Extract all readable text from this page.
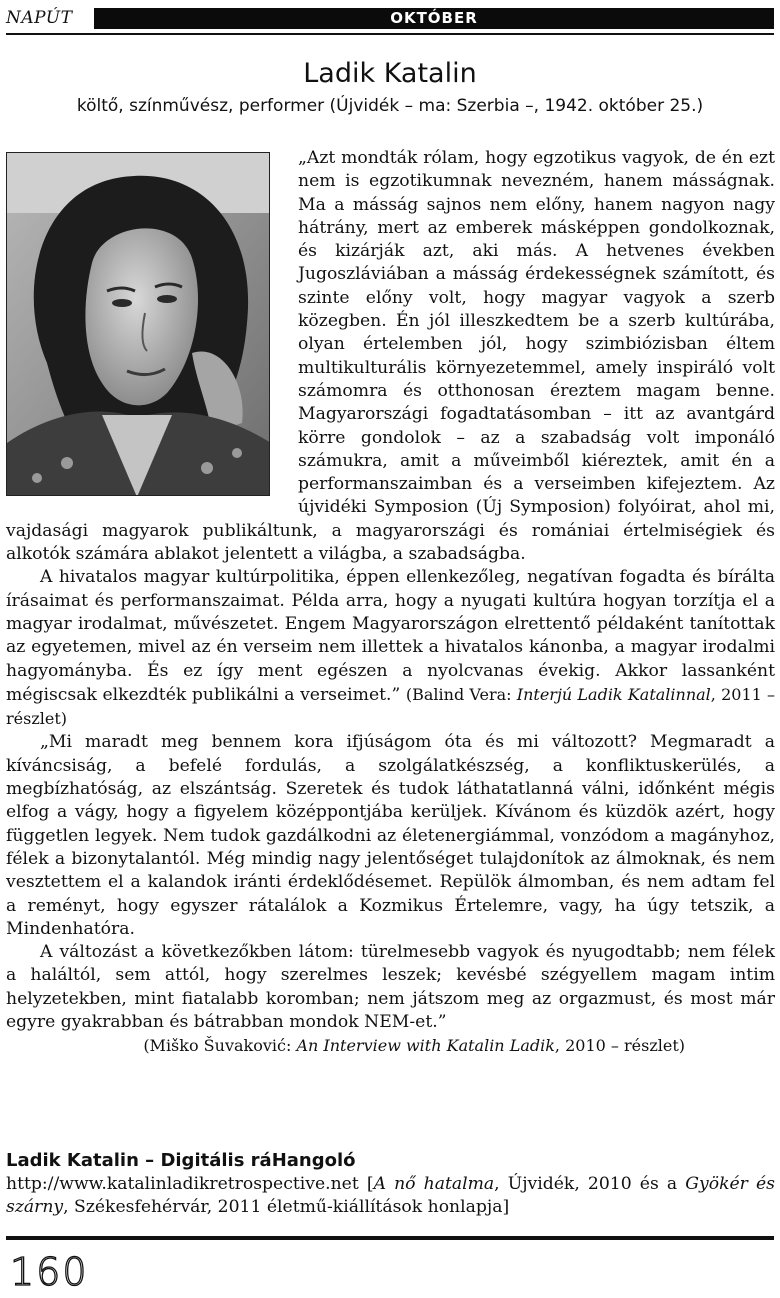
NAPÚT	OKTÓBER
Ladik Katalin
költő, színművész, performer (Újvidék – ma: Szerbia –, 1942. október 25.)

„Azt mondták rólam, hogy egzotikus vagyok, de én ezt nem is egzotikumnak nevezném, hanem másságnak. Ma a másság sajnos nem előny, hanem nagyon nagy hátrány, mert az emberek másképpen gondolkoznak, és kizárják azt, aki más. A hetvenes években Jugoszláviában a másság érdekességnek számított, és szinte előny volt, hogy magyar vagyok a szerb közegben. Én jól illeszkedtem be a szerb kultúrába, olyan értelemben jól, hogy szimbiózisban éltem multikulturális környezetemmel, amely inspiráló volt számomra és otthonosan éreztem magam benne. Magyarországi fogadtatásomban – itt az avantgárd körre gondolok – az a szabadság volt imponáló számukra, amit a műveimből kiéreztek, amit én a performanszaimban és a verseimben kifejeztem. Az újvidéki Symposion (Új Symposion) folyóirat, ahol mi, vajdasági magyarok publikáltunk, a magyarországi és romániai értelmiségiek és alkotók számára ablakot jelentett a világba, a szabadságba.

A hivatalos magyar kultúrpolitika, éppen ellenkezőleg, negatívan fogadta és bírálta írásaimat és performanszaimat. Példa arra, hogy a nyugati kultúra hogyan torzítja el a magyar irodalmat, művészetet. Engem Magyarországon elrettentő példaként tanítottak az egyetemen, mivel az én verseim nem illettek a hivatalos kánonba, a magyar irodalmi hagyományba. És ez így ment egészen a nyolcvanas évekig. Akkor lassanként mégiscsak elkezdték publikálni a verseimet.” (Balind Vera: Interjú Ladik Katalinnal, 2011 – részlet)

„Mi maradt meg bennem kora ifjúságom óta és mi változott? Megmaradt a kíváncsiság, a befelé fordulás, a szolgálatkészség, a konfliktuskerülés, a megbízhatóság, az elszántság. Szeretek és tudok láthatatlanná válni, időnként mégis elfog a vágy, hogy a figyelem középpontjába kerüljek. Kívánom és küzdök azért, hogy független legyek. Nem tudok gazdálkodni az életenergiámmal, vonzódom a magányhoz, félek a bizonytalantól. Még mindig nagy jelentőséget tulajdonítok az álmoknak, és nem vesztettem el a kalandok iránti érdeklődésemet. Repülök álmomban, és nem adtam fel a reményt, hogy egyszer rátalálok a Kozmikus Értelemre, vagy, ha úgy tetszik, a Mindenhatóra.

A változást a következőkben látom: türelmesebb vagyok és nyugodtabb; nem félek a haláltól, sem attól, hogy szerelmes leszek; kevésbé szégyellem magam intim helyzetekben, mint fiatalabb koromban; nem játszom meg az orgazmust, és most már egyre gyakrabban és bátrabban mondok NEM-et.”

(Miško Šuvaković: An Interview with Katalin Ladik, 2010 – részlet)

Ladik Katalin – Digitális ráHangoló
http://www.katalinladikretrospective.net [A nő hatalma, Újvidék, 2010 és a Gyökér és szárny, Székesfehérvár, 2011 életmű-kiállítások honlapja]
160
